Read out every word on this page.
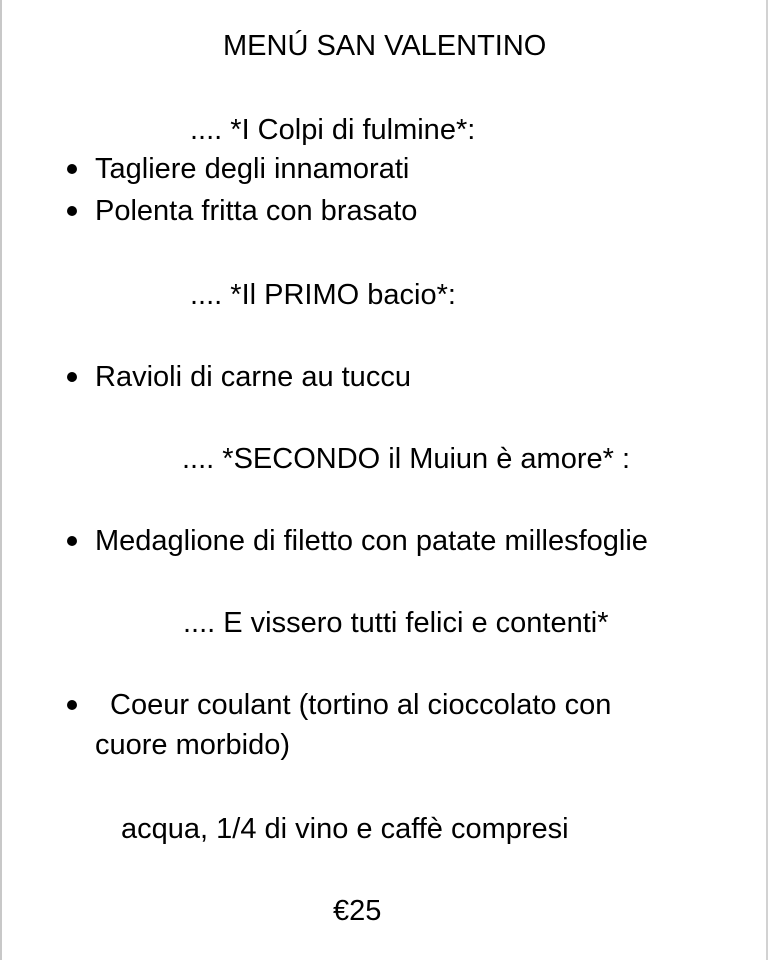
MENÚ SAN VALENTINO
.... *I Colpi di fulmine*:
Tagliere degli innamorati
Polenta fritta con brasato
.... *Il PRIMO bacio*:
Ravioli di carne au tuccu
.... *SECONDO il Muiun è amore* :
Medaglione di filetto con patate millesfoglie
.... E vissero tutti felici e contenti*
Coeur coulant (tortino al cioccolato con
cuore morbido)
acqua, 1/4 di vino e caffè compresi
€25
